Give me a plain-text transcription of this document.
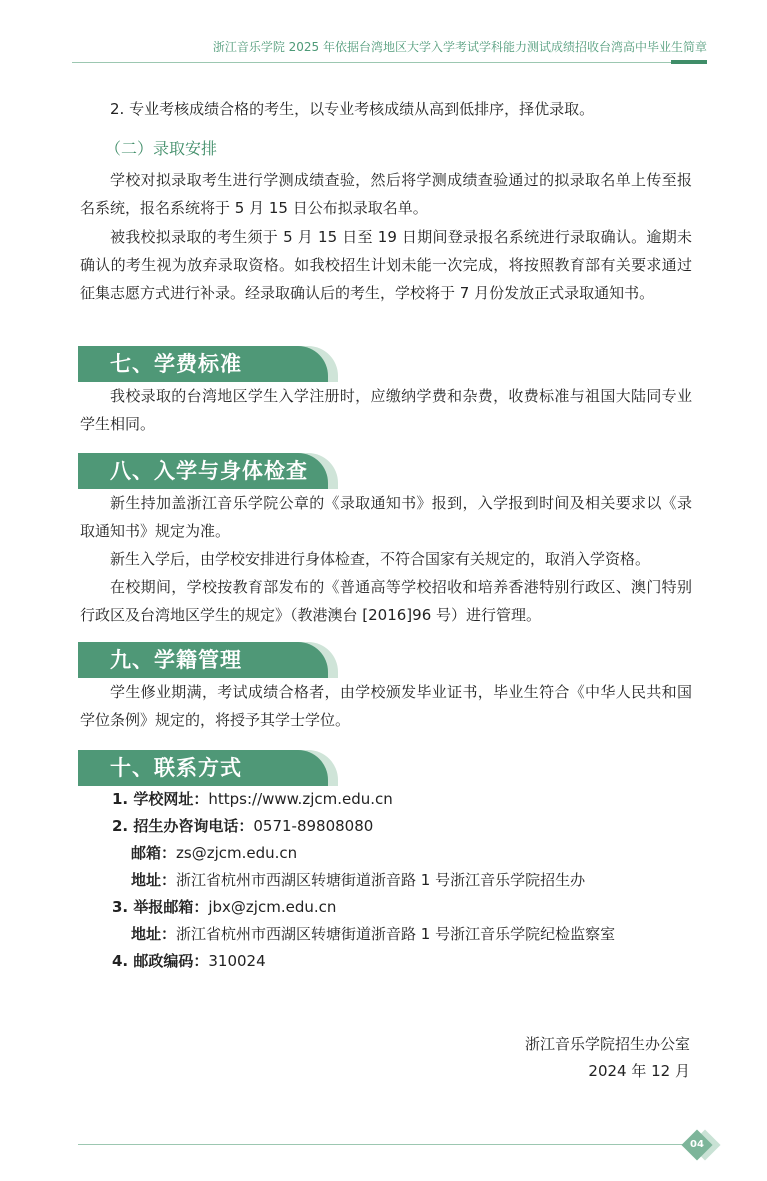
浙江音乐学院 2025 年依据台湾地区大学入学考试学科能力测试成绩招收台湾高中毕业生简章
2. 专业考核成绩合格的考生，以专业考核成绩从高到低排序，择优录取。
（二）录取安排
学校对拟录取考生进行学测成绩查验，然后将学测成绩查验通过的拟录取名单上传至报名系统，报名系统将于 5 月 15 日公布拟录取名单。
被我校拟录取的考生须于 5 月 15 日至 19 日期间登录报名系统进行录取确认。逾期未确认的考生视为放弃录取资格。如我校招生计划未能一次完成，将按照教育部有关要求通过征集志愿方式进行补录。经录取确认后的考生，学校将于 7 月份发放正式录取通知书。
七、学费标准
我校录取的台湾地区学生入学注册时，应缴纳学费和杂费，收费标准与祖国大陆同专业学生相同。
八、入学与身体检查
新生持加盖浙江音乐学院公章的《录取通知书》报到，入学报到时间及相关要求以《录取通知书》规定为准。
新生入学后，由学校安排进行身体检查，不符合国家有关规定的，取消入学资格。
在校期间，学校按教育部发布的《普通高等学校招收和培养香港特别行政区、澳门特别行政区及台湾地区学生的规定》（教港澳台 [2016]96 号）进行管理。
九、学籍管理
学生修业期满，考试成绩合格者，由学校颁发毕业证书，毕业生符合《中华人民共和国学位条例》规定的，将授予其学士学位。
十、联系方式
1. 学校网址：https://www.zjcm.edu.cn
2. 招生办咨询电话：0571-89808080
邮箱：zs@zjcm.edu.cn
地址：浙江省杭州市西湖区转塘街道浙音路 1 号浙江音乐学院招生办
3. 举报邮箱：jbx@zjcm.edu.cn
地址：浙江省杭州市西湖区转塘街道浙音路 1 号浙江音乐学院纪检监察室
4. 邮政编码：310024
浙江音乐学院招生办公室
2024 年 12 月
04
